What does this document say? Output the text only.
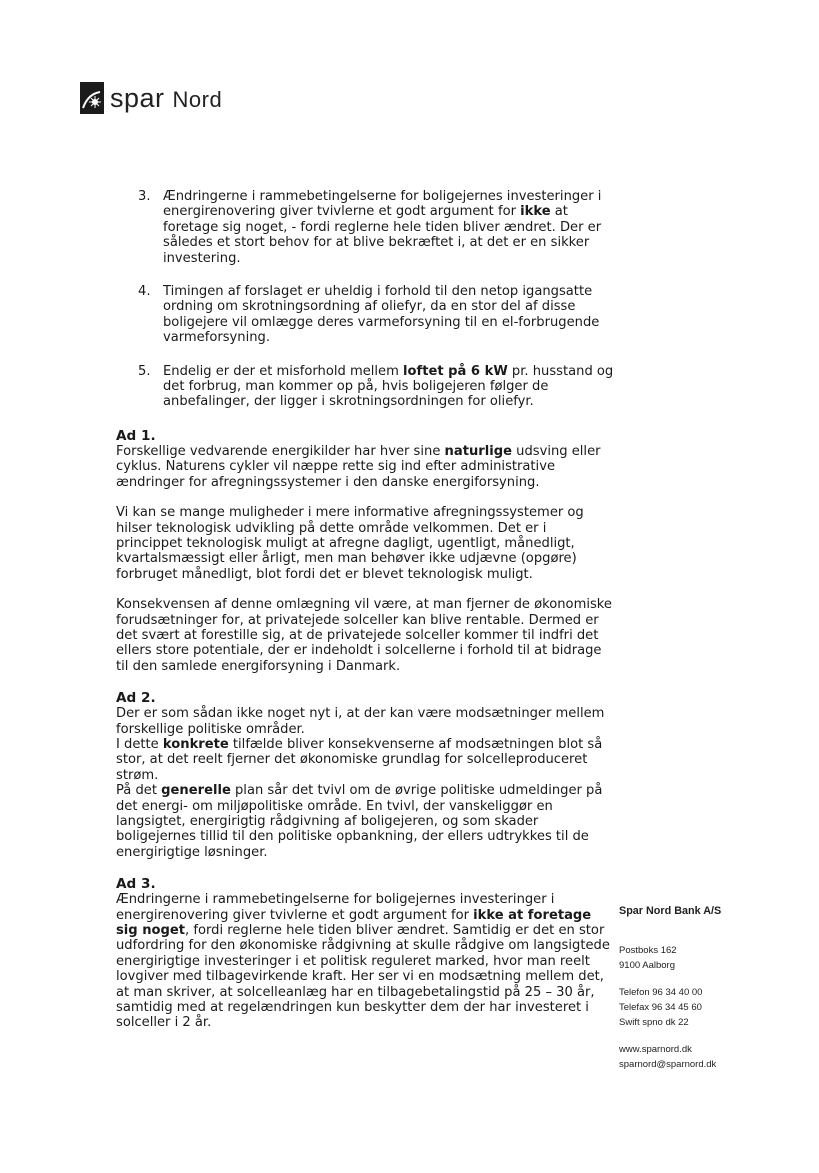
spar Nord
3. Ændringerne i rammebetingelserne for boligejernes investeringer i energirenovering giver tvivlerne et godt argument for ikke at foretage sig noget, - fordi reglerne hele tiden bliver ændret. Der er således et stort behov for at blive bekræftet i, at det er en sikker investering.

4. Timingen af forslaget er uheldig i forhold til den netop igangsatte ordning om skrotningsordning af oliefyr, da en stor del af disse boligejere vil omlægge deres varmeforsyning til en el-forbrugende varmeforsyning.

5. Endelig er der et misforhold mellem loftet på 6 kW pr. husstand og det forbrug, man kommer op på, hvis boligejeren følger de anbefalinger, der ligger i skrotningsordningen for oliefyr.

Ad 1.

Forskellige vedvarende energikilder har hver sine naturlige udsving eller cyklus. Naturens cykler vil næppe rette sig ind efter administrative ændringer for afregningssystemer i den danske energiforsyning.

Vi kan se mange muligheder i mere informative afregningssystemer og hilser teknologisk udvikling på dette område velkommen. Det er i princippet teknologisk muligt at afregne dagligt, ugentligt, månedligt, kvartalsmæssigt eller årligt, men man behøver ikke udjævne (opgøre) forbruget månedligt, blot fordi det er blevet teknologisk muligt.

Konsekvensen af denne omlægning vil være, at man fjerner de økonomiske forudsætninger for, at privatejede solceller kan blive rentable. Dermed er det svært at forestille sig, at de privatejede solceller kommer til indfri det ellers store potentiale, der er indeholdt i solcellerne i forhold til at bidrage til den samlede energiforsyning i Danmark.

Ad 2.

Der er som sådan ikke noget nyt i, at der kan være modsætninger mellem forskellige politiske områder.

I dette konkrete tilfælde bliver konsekvenserne af modsætningen blot så stor, at det reelt fjerner det økonomiske grundlag for solcelleproduceret strøm.

På det generelle plan sår det tvivl om de øvrige politiske udmeldinger på det energi- om miljøpolitiske område. En tvivl, der vanskeliggør en langsigtet, energirigtig rådgivning af boligejeren, og som skader boligejernes tillid til den politiske opbankning, der ellers udtrykkes til de energirigtige løsninger.

Ad 3.

Ændringerne i rammebetingelserne for boligejernes investeringer i energirenovering giver tvivlerne et godt argument for ikke at foretage sig noget, fordi reglerne hele tiden bliver ændret. Samtidig er det en stor udfordring for den økonomiske rådgivning at skulle rådgive om langsigtede energirigtige investeringer i et politisk reguleret marked, hvor man reelt lovgiver med tilbagevirkende kraft. Her ser vi en modsætning mellem det, at man skriver, at solcelleanlæg har en tilbagebetalingstid på 25 – 30 år, samtidig med at regelændringen kun beskytter dem der har investeret i solceller i 2 år.

Spar Nord Bank A/S
Postboks 162
9100 Aalborg
Telefon 96 34 40 00
Telefax 96 34 45 60
Swift spno dk 22
www.sparnord.dk
sparnord@sparnord.dk
